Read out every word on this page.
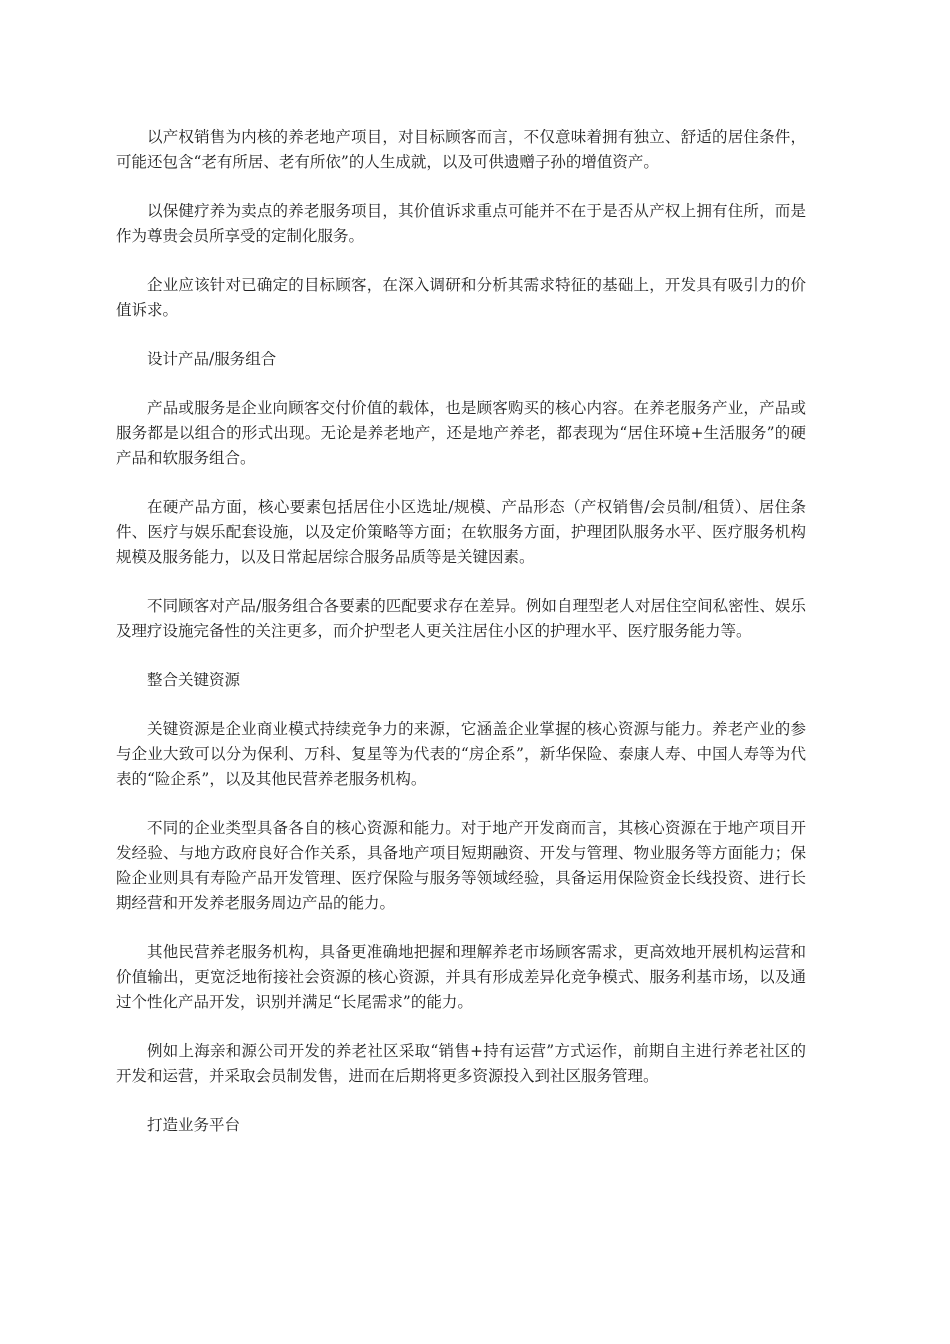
以产权销售为内核的养老地产项目，对目标顾客而言，不仅意味着拥有独立、舒适的居住条件，可能还包含“老有所居、老有所依”的人生成就，以及可供遗赠子孙的增值资产。

以保健疗养为卖点的养老服务项目，其价值诉求重点可能并不在于是否从产权上拥有住所，而是作为尊贵会员所享受的定制化服务。

企业应该针对已确定的目标顾客，在深入调研和分析其需求特征的基础上，开发具有吸引力的价值诉求。

设计产品/服务组合

产品或服务是企业向顾客交付价值的载体，也是顾客购买的核心内容。在养老服务产业，产品或服务都是以组合的形式出现。无论是养老地产，还是地产养老，都表现为“居住环境+生活服务”的硬产品和软服务组合。

在硬产品方面，核心要素包括居住小区选址/规模、产品形态（产权销售/会员制/租赁）、居住条件、医疗与娱乐配套设施，以及定价策略等方面；在软服务方面，护理团队服务水平、医疗服务机构规模及服务能力，以及日常起居综合服务品质等是关键因素。

不同顾客对产品/服务组合各要素的匹配要求存在差异。例如自理型老人对居住空间私密性、娱乐及理疗设施完备性的关注更多，而介护型老人更关注居住小区的护理水平、医疗服务能力等。

整合关键资源

关键资源是企业商业模式持续竞争力的来源，它涵盖企业掌握的核心资源与能力。养老产业的参与企业大致可以分为保利、万科、复星等为代表的“房企系”，新华保险、泰康人寿、中国人寿等为代表的“险企系”，以及其他民营养老服务机构。

不同的企业类型具备各自的核心资源和能力。对于地产开发商而言，其核心资源在于地产项目开发经验、与地方政府良好合作关系，具备地产项目短期融资、开发与管理、物业服务等方面能力；保险企业则具有寿险产品开发管理、医疗保险与服务等领域经验，具备运用保险资金长线投资、进行长期经营和开发养老服务周边产品的能力。

其他民营养老服务机构，具备更准确地把握和理解养老市场顾客需求，更高效地开展机构运营和价值输出，更宽泛地衔接社会资源的核心资源，并具有形成差异化竞争模式、服务利基市场，以及通过个性化产品开发，识别并满足“长尾需求”的能力。

例如上海亲和源公司开发的养老社区采取“销售+持有运营”方式运作，前期自主进行养老社区的开发和运营，并采取会员制发售，进而在后期将更多资源投入到社区服务管理。

打造业务平台
